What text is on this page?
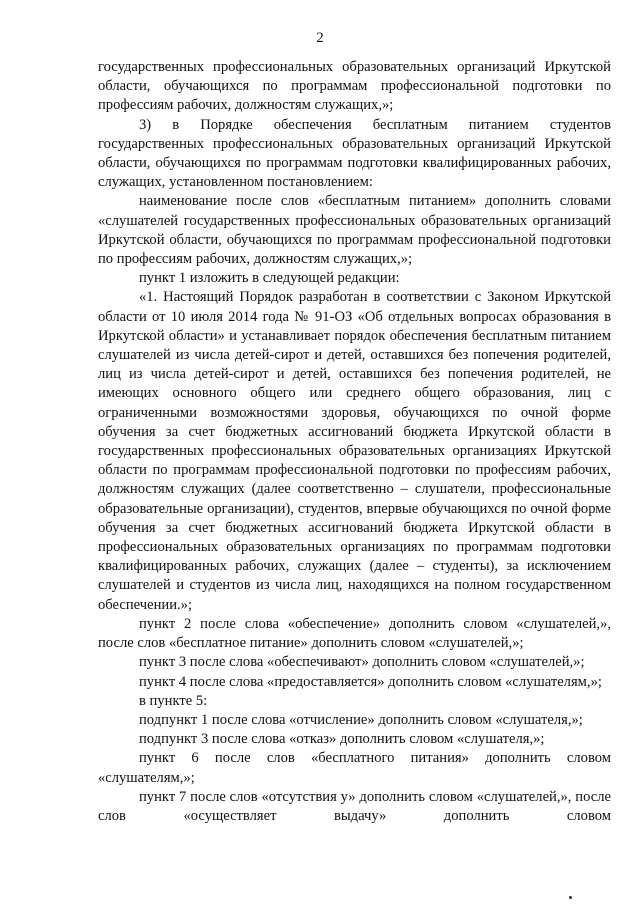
2

государственных профессиональных образовательных организаций Иркутской области, обучающихся по программам профессиональной подготовки по профессиям рабочих, должностям служащих,»;

3) в Порядке обеспечения бесплатным питанием студентов государственных профессиональных образовательных организаций Иркутской области, обучающихся по программам подготовки квалифицированных рабочих, служащих, установленном постановлением:

наименование после слов «бесплатным питанием» дополнить словами «слушателей государственных профессиональных образовательных организаций Иркутской области, обучающихся по программам профессиональной подготовки по профессиям рабочих, должностям служащих,»;

пункт 1 изложить в следующей редакции:

«1. Настоящий Порядок разработан в соответствии с Законом Иркутской области от 10 июля 2014 года № 91-ОЗ «Об отдельных вопросах образования в Иркутской области» и устанавливает порядок обеспечения бесплатным питанием слушателей из числа детей-сирот и детей, оставшихся без попечения родителей, лиц из числа детей-сирот и детей, оставшихся без попечения родителей, не имеющих основного общего или среднего общего образования, лиц с ограниченными возможностями здоровья, обучающихся по очной форме обучения за счет бюджетных ассигнований бюджета Иркутской области в государственных профессиональных образовательных организациях Иркутской области по программам профессиональной подготовки по профессиям рабочих, должностям служащих (далее соответственно – слушатели, профессиональные образовательные организации), студентов, впервые обучающихся по очной форме обучения за счет бюджетных ассигнований бюджета Иркутской области в профессиональных образовательных организациях по программам подготовки квалифицированных рабочих, служащих (далее – студенты), за исключением слушателей и студентов из числа лиц, находящихся на полном государственном обеспечении.»;

пункт 2 после слова «обеспечение» дополнить словом «слушателей,», после слов «бесплатное питание» дополнить словом «слушателей,»;

пункт 3 после слова «обеспечивают» дополнить словом «слушателей,»;

пункт 4 после слова «предоставляется» дополнить словом «слушателям,»;

в пункте 5:

подпункт 1 после слова «отчисление» дополнить словом «слушателя,»;

подпункт 3 после слова «отказ» дополнить словом «слушателя,»;

пункт 6 после слов «бесплатного питания» дополнить словом «слушателям,»;

пункт 7 после слов «отсутствия у» дополнить словом «слушателей,», после слов «осуществляет выдачу» дополнить словом
